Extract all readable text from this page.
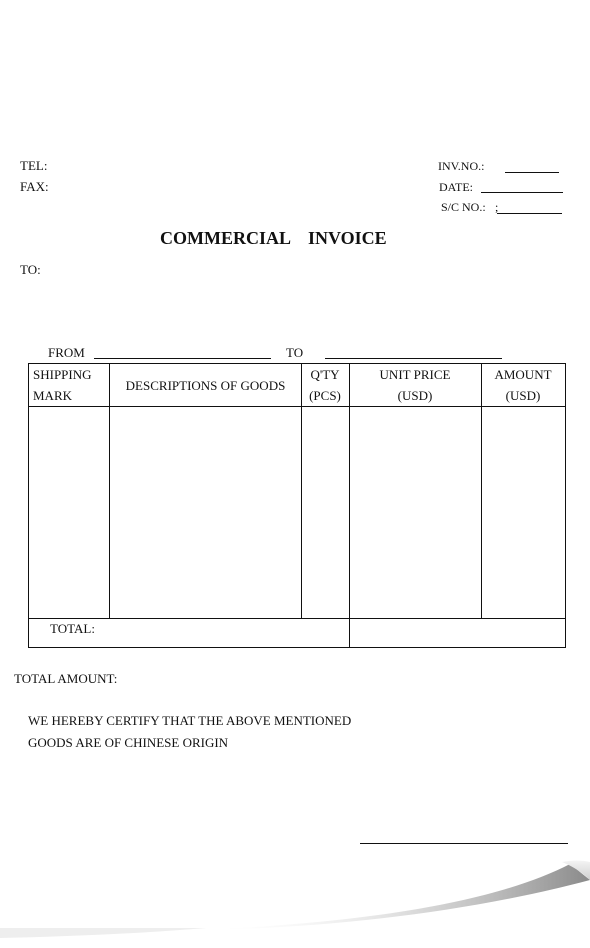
TEL:
FAX:
INV.NO.:
DATE:
S/C NO.: ;
COMMERCIAL    INVOICE
TO:
FROM	TO
SHIPPING
MARK
DESCRIPTIONS OF GOODS
Q'TY
(PCS)
UNIT PRICE
(USD)
AMOUNT
(USD)
TOTAL:
TOTAL AMOUNT:
WE HEREBY CERTIFY THAT THE ABOVE MENTIONED
GOODS ARE OF CHINESE ORIGIN
